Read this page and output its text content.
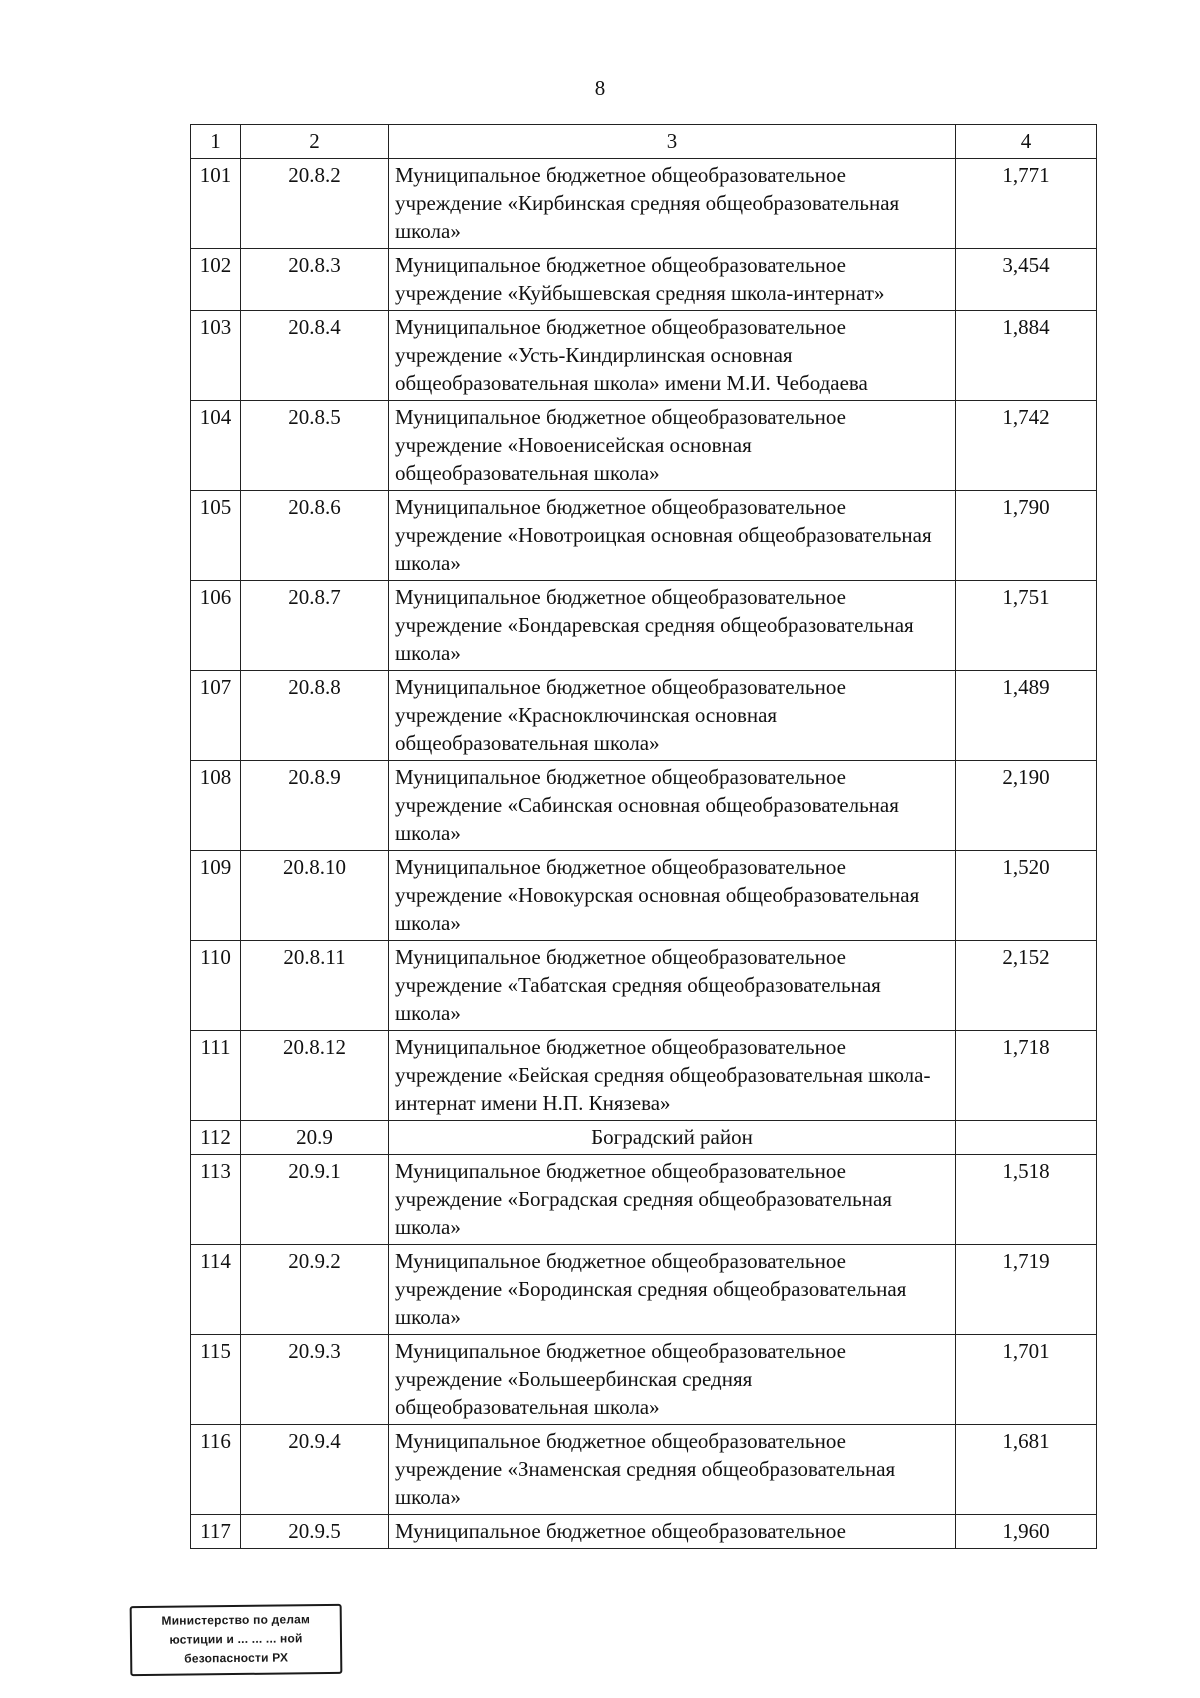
8
1	2	3	4
101	20.8.2	Муниципальное бюджетное общеобразовательное учреждение «Кирбинская средняя общеобразовательная школа»	1,771
102	20.8.3	Муниципальное бюджетное общеобразовательное учреждение «Куйбышевская средняя школа-интернат»	3,454
103	20.8.4	Муниципальное бюджетное общеобразовательное учреждение «Усть-Киндирлинская основная общеобразовательная школа» имени М.И. Чебодаева	1,884
104	20.8.5	Муниципальное бюджетное общеобразовательное учреждение «Новоенисейская основная общеобразовательная школа»	1,742
105	20.8.6	Муниципальное бюджетное общеобразовательное учреждение «Новотроицкая основная общеобразовательная школа»	1,790
106	20.8.7	Муниципальное бюджетное общеобразовательное учреждение «Бондаревская средняя общеобразовательная школа»	1,751
107	20.8.8	Муниципальное бюджетное общеобразовательное учреждение «Красноключинская основная общеобразовательная школа»	1,489
108	20.8.9	Муниципальное бюджетное общеобразовательное учреждение «Сабинская основная общеобразовательная школа»	2,190
109	20.8.10	Муниципальное бюджетное общеобразовательное учреждение «Новокурская основная общеобразовательная школа»	1,520
110	20.8.11	Муниципальное бюджетное общеобразовательное учреждение «Табатская средняя общеобразовательная школа»	2,152
111	20.8.12	Муниципальное бюджетное общеобразовательное учреждение «Бейская средняя общеобразовательная школа-интернат имени Н.П. Князева»	1,718
112	20.9	Боградский район	
113	20.9.1	Муниципальное бюджетное общеобразовательное учреждение «Боградская средняя общеобразовательная школа»	1,518
114	20.9.2	Муниципальное бюджетное общеобразовательное учреждение «Бородинская средняя общеобразовательная школа»	1,719
115	20.9.3	Муниципальное бюджетное общеобразовательное учреждение «Большеербинская средняя общеобразовательная школа»	1,701
116	20.9.4	Муниципальное бюджетное общеобразовательное учреждение «Знаменская средняя общеобразовательная школа»	1,681
117	20.9.5	Муниципальное бюджетное общеобразовательное	1,960
Министерство по делам
юстиции и ... ... ... ной
безопасности РХ
